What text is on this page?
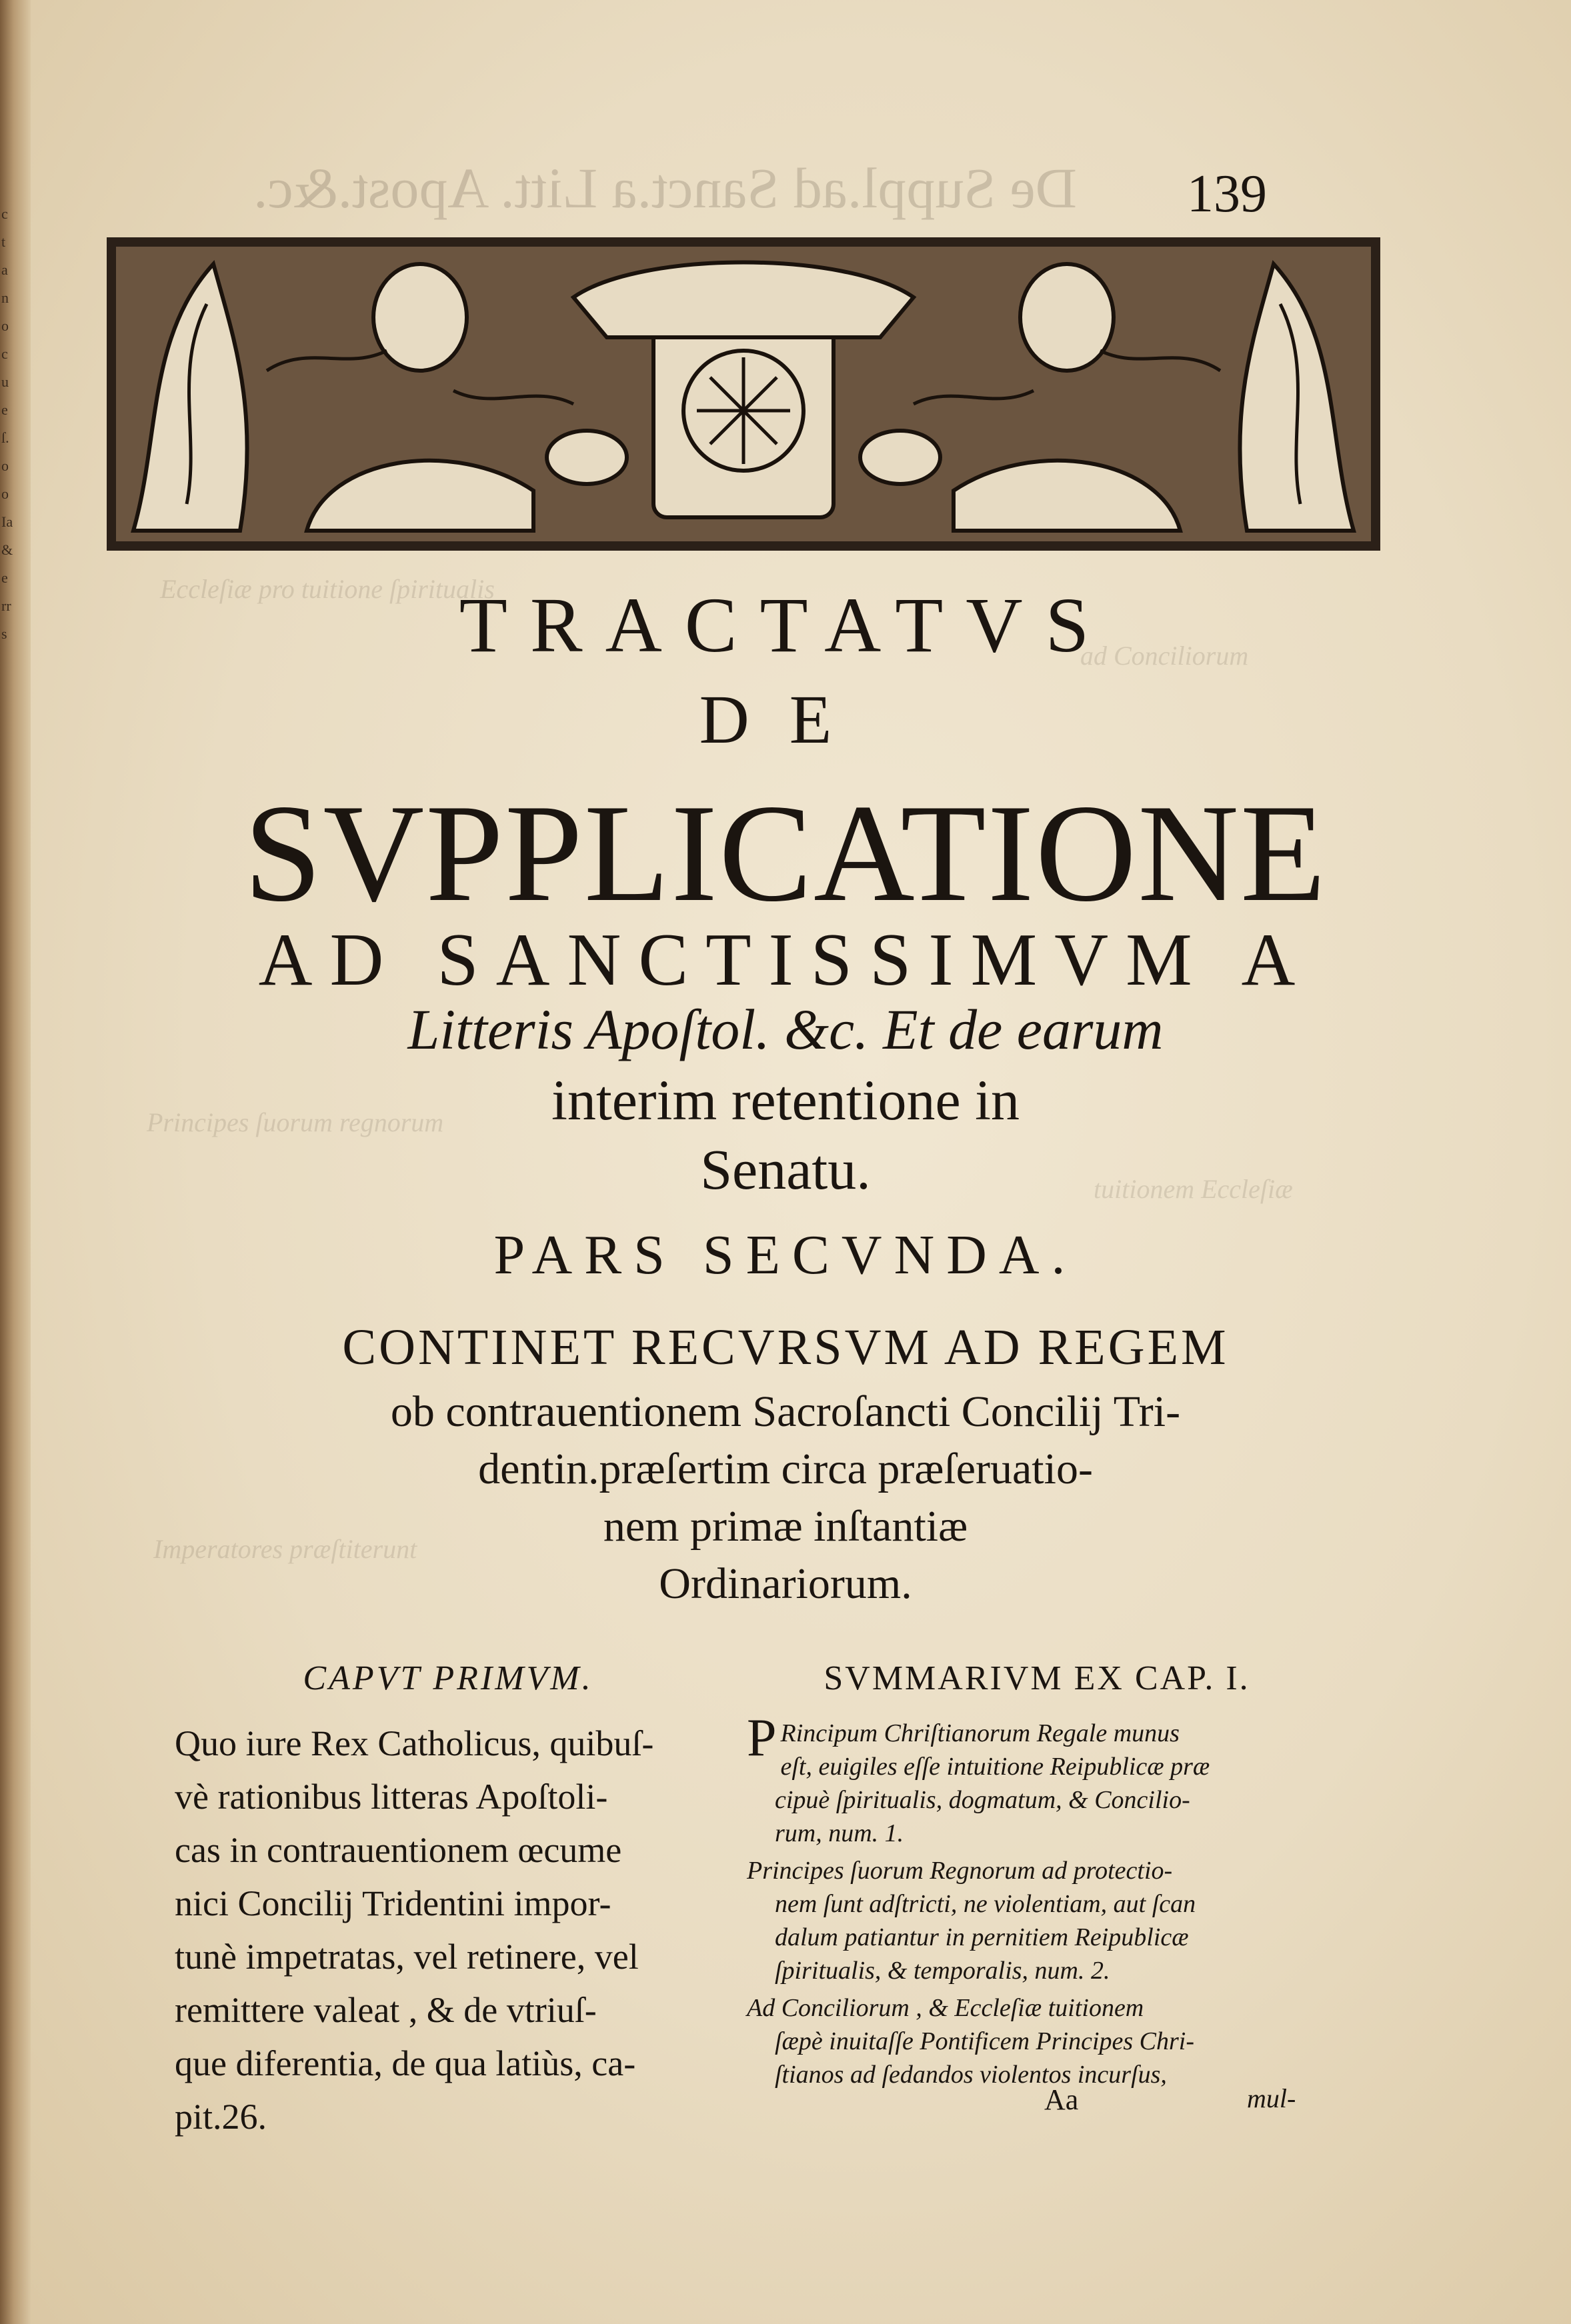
c
t
a
n
o
c
u
e
ſ.
o
o
Ia
&
e
rr
s
Eccleſiæ pro tuitione ſpiritualis
ad Conciliorum
Principes ſuorum regnorum
tuitionem Eccleſiæ
Imperatores præſtiterunt
De Suppl.ad Sanct.a Litt. Apost.&c. 139
TRACTATVS
DE
SVPPLICATIONE
AD SANCTISSIMVM A
Litteris Apoſtol. &c. Et de earum
interim retentione in
Senatu.
PARS SECVNDA.
CONTINET RECVRSVM AD REGEM
ob contrauentionem Sacroſancti Concilij Tri-
dentin.præſertim circa præſeruatio-
nem primæ inſtantiæ
Ordinariorum.
CAPVT PRIMVM.
Quo iure Rex Catholicus, quibuſ-
vè rationibus litteras Apoſtoli-
cas in contrauentionem œcume
nici Concilij Tridentini impor-
tunè impetratas, vel retinere, vel
remittere valeat , & de vtriuſ-
que diferentia, de qua latiùs, ca-
pit.26.
SVMMARIVM EX CAP. I.
P Rincipum Chriſtianorum Regale munus
eſt, euigiles eſſe intuitione Reipublicæ præ
cipuè ſpiritualis, dogmatum, & Concilio-
rum, num. 1.
Principes ſuorum Regnorum ad protectio-
nem ſunt adſtricti, ne violentiam, aut ſcan
dalum patiantur in pernitiem Reipublicæ
ſpiritualis, & temporalis, num. 2.
Ad Conciliorum , & Eccleſiæ tuitionem
ſæpè inuitaſſe Pontificem Principes Chri-
ſtianos ad ſedandos violentos incurſus,
Aa	mul-
